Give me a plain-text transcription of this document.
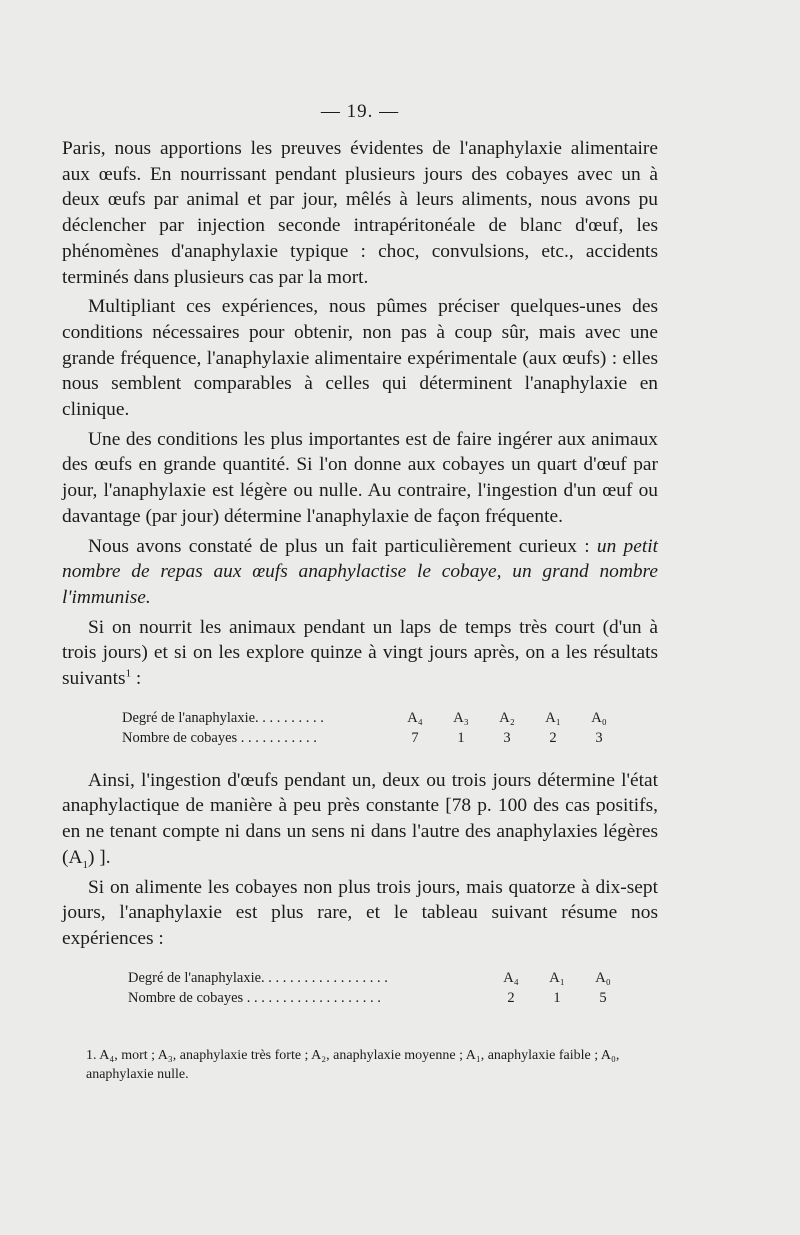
— 19. —

Paris, nous apportions les preuves évidentes de l'anaphylaxie alimentaire aux œufs. En nourrissant pendant plusieurs jours des cobayes avec un à deux œufs par animal et par jour, mêlés à leurs aliments, nous avons pu déclencher par injection seconde intrapéritonéale de blanc d'œuf, les phénomènes d'anaphylaxie typique : choc, convulsions, etc., accidents terminés dans plusieurs cas par la mort.

Multipliant ces expériences, nous pûmes préciser quelques-unes des conditions nécessaires pour obtenir, non pas à coup sûr, mais avec une grande fréquence, l'anaphylaxie alimentaire expérimentale (aux œufs) : elles nous semblent comparables à celles qui déterminent l'anaphylaxie en clinique.

Une des conditions les plus importantes est de faire ingérer aux animaux des œufs en grande quantité. Si l'on donne aux cobayes un quart d'œuf par jour, l'anaphylaxie est légère ou nulle. Au contraire, l'ingestion d'un œuf ou davantage (par jour) détermine l'anaphylaxie de façon fréquente.

Nous avons constaté de plus un fait particulièrement curieux : un petit nombre de repas aux œufs anaphylactise le cobaye, un grand nombre l'immunise.

Si on nourrit les animaux pendant un laps de temps très court (d'un à trois jours) et si on les explore quinze à vingt jours après, on a les résultats suivants$^1$ :

Degré de l'anaphylaxie. . . . . . . . . .	A₄	A₃	A₂	A₁	A₀
Nombre de cobayes . . . . . . . . . . .	7	1	3	2	3

Ainsi, l'ingestion d'œufs pendant un, deux ou trois jours détermine l'état anaphylactique de manière à peu près constante [78 p. 100 des cas positifs, en ne tenant compte ni dans un sens ni dans l'autre des anaphylaxies légères $(A_1)$ ].

Si on alimente les cobayes non plus trois jours, mais quatorze à dix-sept jours, l'anaphylaxie est plus rare, et le tableau suivant résume nos expériences :

Degré de l'anaphylaxie. . . . . . . . . . . . . . . . . .	A₄	A₁	A₀
Nombre de cobayes . . . . . . . . . . . . . . . . . . .	2	1	5
1. A₄, mort ; A₃, anaphylaxie très forte ; A₂, anaphylaxie moyenne ; A₁, anaphylaxie faible ; A₀, anaphylaxie nulle.
